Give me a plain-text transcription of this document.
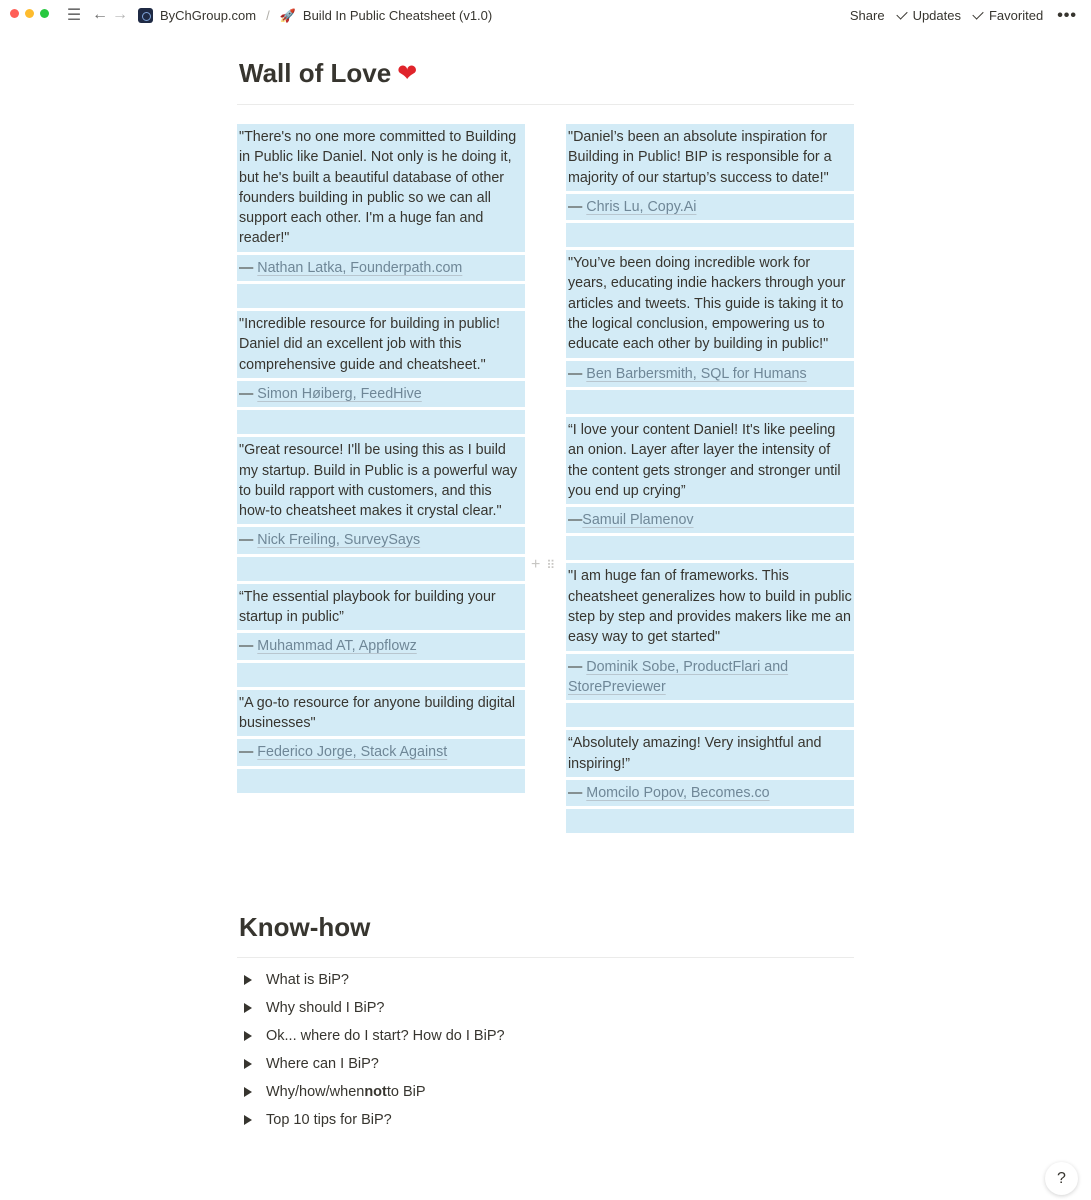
☰ ← → ByChGroup.com / 🚀 Build In Public Cheatsheet (v1.0)	Share Updates Favorited •••
Wall of Love ❤
"There's no one more committed to Building in Public like Daniel. Not only is he doing it, but he's built a beautiful database of other founders building in public so we can all support each other. I'm a huge fan and reader!"
— Nathan Latka, Founderpath.com
"Incredible resource for building in public! Daniel did an excellent job with this comprehensive guide and cheatsheet."
— Simon Høiberg, FeedHive
"Great resource! I'll be using this as I build my startup. Build in Public is a powerful way to build rapport with customers, and this how-to cheatsheet makes it crystal clear."
— Nick Freiling, SurveySays
“The essential playbook for building your startup in public”
— Muhammad AT, Appflowz
"A go-to resource for anyone building digital businesses"
— Federico Jorge, Stack Against
+ ⠿
"Daniel’s been an absolute inspiration for Building in Public! BIP is responsible for a majority of our startup’s success to date!"
— Chris Lu, Copy.Ai
"You’ve been doing incredible work for years, educating indie hackers through your articles and tweets. This guide is taking it to the logical conclusion, empowering us to educate each other by building in public!"
— Ben Barbersmith, SQL for Humans
“I love your content Daniel! It's like peeling an onion. Layer after layer the intensity of the content gets stronger and stronger until you end up crying”
—Samuil Plamenov
"I am huge fan of frameworks. This cheatsheet generalizes how to build in public step by step and provides makers like me an easy way to get started"
— Dominik Sobe, ProductFlari and StorePreviewer
“Absolutely amazing! Very insightful and inspiring!”
— Momcilo Popov, Becomes.co
Know-how
What is BiP?
Why should I BiP?
Ok... where do I start? How do I BiP?
Where can I BiP?
Why/how/when not to BiP
Top 10 tips for BiP?
?
